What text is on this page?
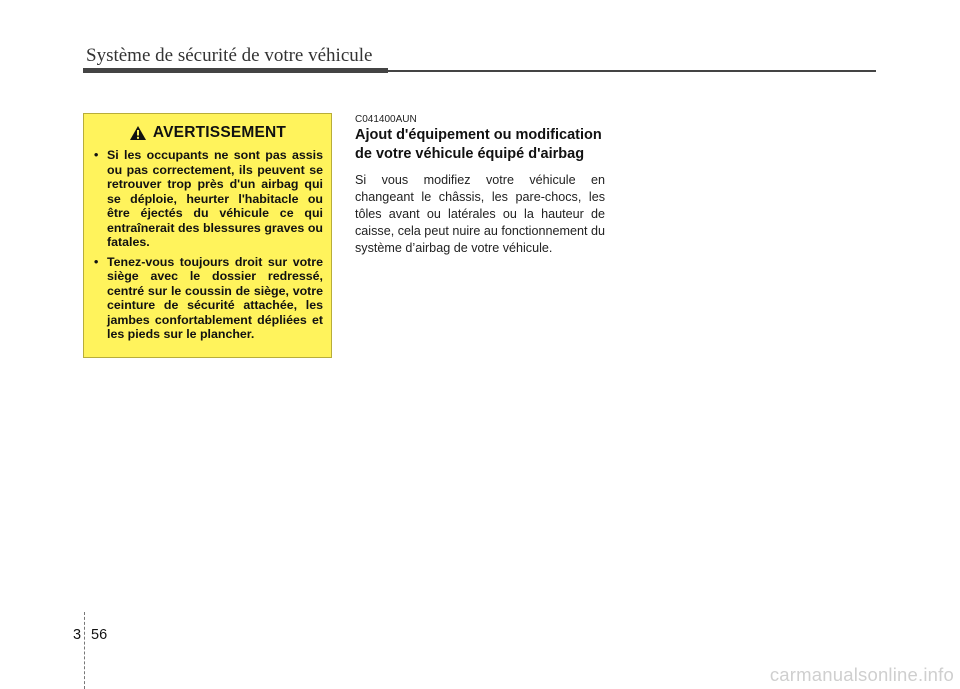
Système de sécurité de votre véhicule
AVERTISSEMENT
• Si les occupants ne sont pas assis ou pas correctement, ils peuvent se retrouver trop près d'un airbag qui se déploie, heurter l'habitacle ou être éjectés du véhicule ce qui entraînerait des blessures graves ou fatales.
• Tenez-vous toujours droit sur votre siège avec le dossier redressé, centré sur le coussin de siège, votre ceinture de sécurité attachée, les jambes confortablement dépliées et les pieds sur le plancher.
C041400AUN
Ajout d'équipement ou modification de votre véhicule équipé d'airbag

Si vous modifiez votre véhicule en changeant le châssis, les pare-chocs, les tôles avant ou latérales ou la hauteur de caisse, cela peut nuire au fonctionnement du système d’airbag de votre véhicule.

3 56
carmanualsonline.info
